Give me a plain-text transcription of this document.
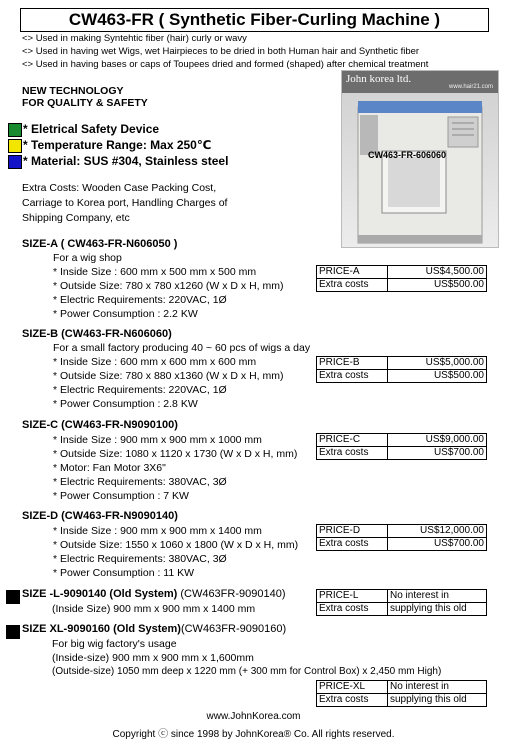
CW463-FR ( Synthetic Fiber-Curling Machine )
<> Used in making Syntehtic fiber (hair) curly or wavy
<> Used in having wet Wigs, wet Hairpieces to be dried in both Human hair and Synthetic fiber
<> Used in having bases or caps of Toupees dried and formed (shaped) after chemical treatment
NEW TECHNOLOGY
FOR QUALITY & SAFETY
* Eletrical Safety Device
* Temperature Range: Max 250℃
* Material: SUS #304, Stainless steel
John korea ltd.
www.hair21.com
CW463-FR-606060
Extra Costs: Wooden Case Packing Cost,
Carriage to Korea port, Handling Charges of
Shipping Company, etc
SIZE-A ( CW463-FR-N606050 )
For a wig shop
* Inside Size : 600 mm x 500 mm x 500 mm
* Outside Size: 780 x 780 x1260 (W x D x H, mm)
* Electric Requirements: 220VAC, 1Ø
* Power Consumption : 2.2 KW
PRICE-A	US$4,500.00
Extra costs	US$500.00
SIZE-B (CW463-FR-N606060)
For a small factory producing 40 ~ 60 pcs of wigs a day
* Inside Size : 600 mm x 600 mm x 600 mm
* Outside Size: 780 x 880 x1360 (W x D x H, mm)
* Electric Requirements: 220VAC, 1Ø
* Power Consumption : 2.8 KW
PRICE-B	US$5,000.00
Extra costs	US$500.00
SIZE-C (CW463-FR-N9090100)
* Inside Size : 900 mm x 900 mm x 1000 mm
* Outside Size: 1080 x 1120 x 1730 (W x D x H, mm)
* Motor: Fan Motor 3X6"
* Electric Requirements: 380VAC, 3Ø
* Power Consumption : 7 KW
PRICE-C	US$9,000.00
Extra costs	US$700.00
SIZE-D (CW463-FR-N9090140)
* Inside Size : 900 mm x 900 mm x 1400 mm
* Outside Size: 1550 x 1060 x 1800 (W x D x H, mm)
* Electric Requirements: 380VAC, 3Ø
* Power Consumption : 11 KW
PRICE-D	US$12,000.00
Extra costs	US$700.00
SIZE -L-9090140 (Old System) (CW463FR-9090140)
(Inside Size) 900 mm x 900 mm x 1400 mm
PRICE-L	No interest in
Extra costs	supplying this old
SIZE XL-9090160 (Old System)(CW463FR-9090160)
For big wig factory's usage
(Inside-size) 900 mm x 900 mm x 1,600mm
(Outside-size) 1050 mm deep x 1220 mm (+ 300 mm for Control Box) x 2,450 mm High)
PRICE-XL	No interest in
Extra costs	supplying this old
www.JohnKorea.com
Copyright ⓒ since 1998 by JohnKorea® Co. All rights reserved.
